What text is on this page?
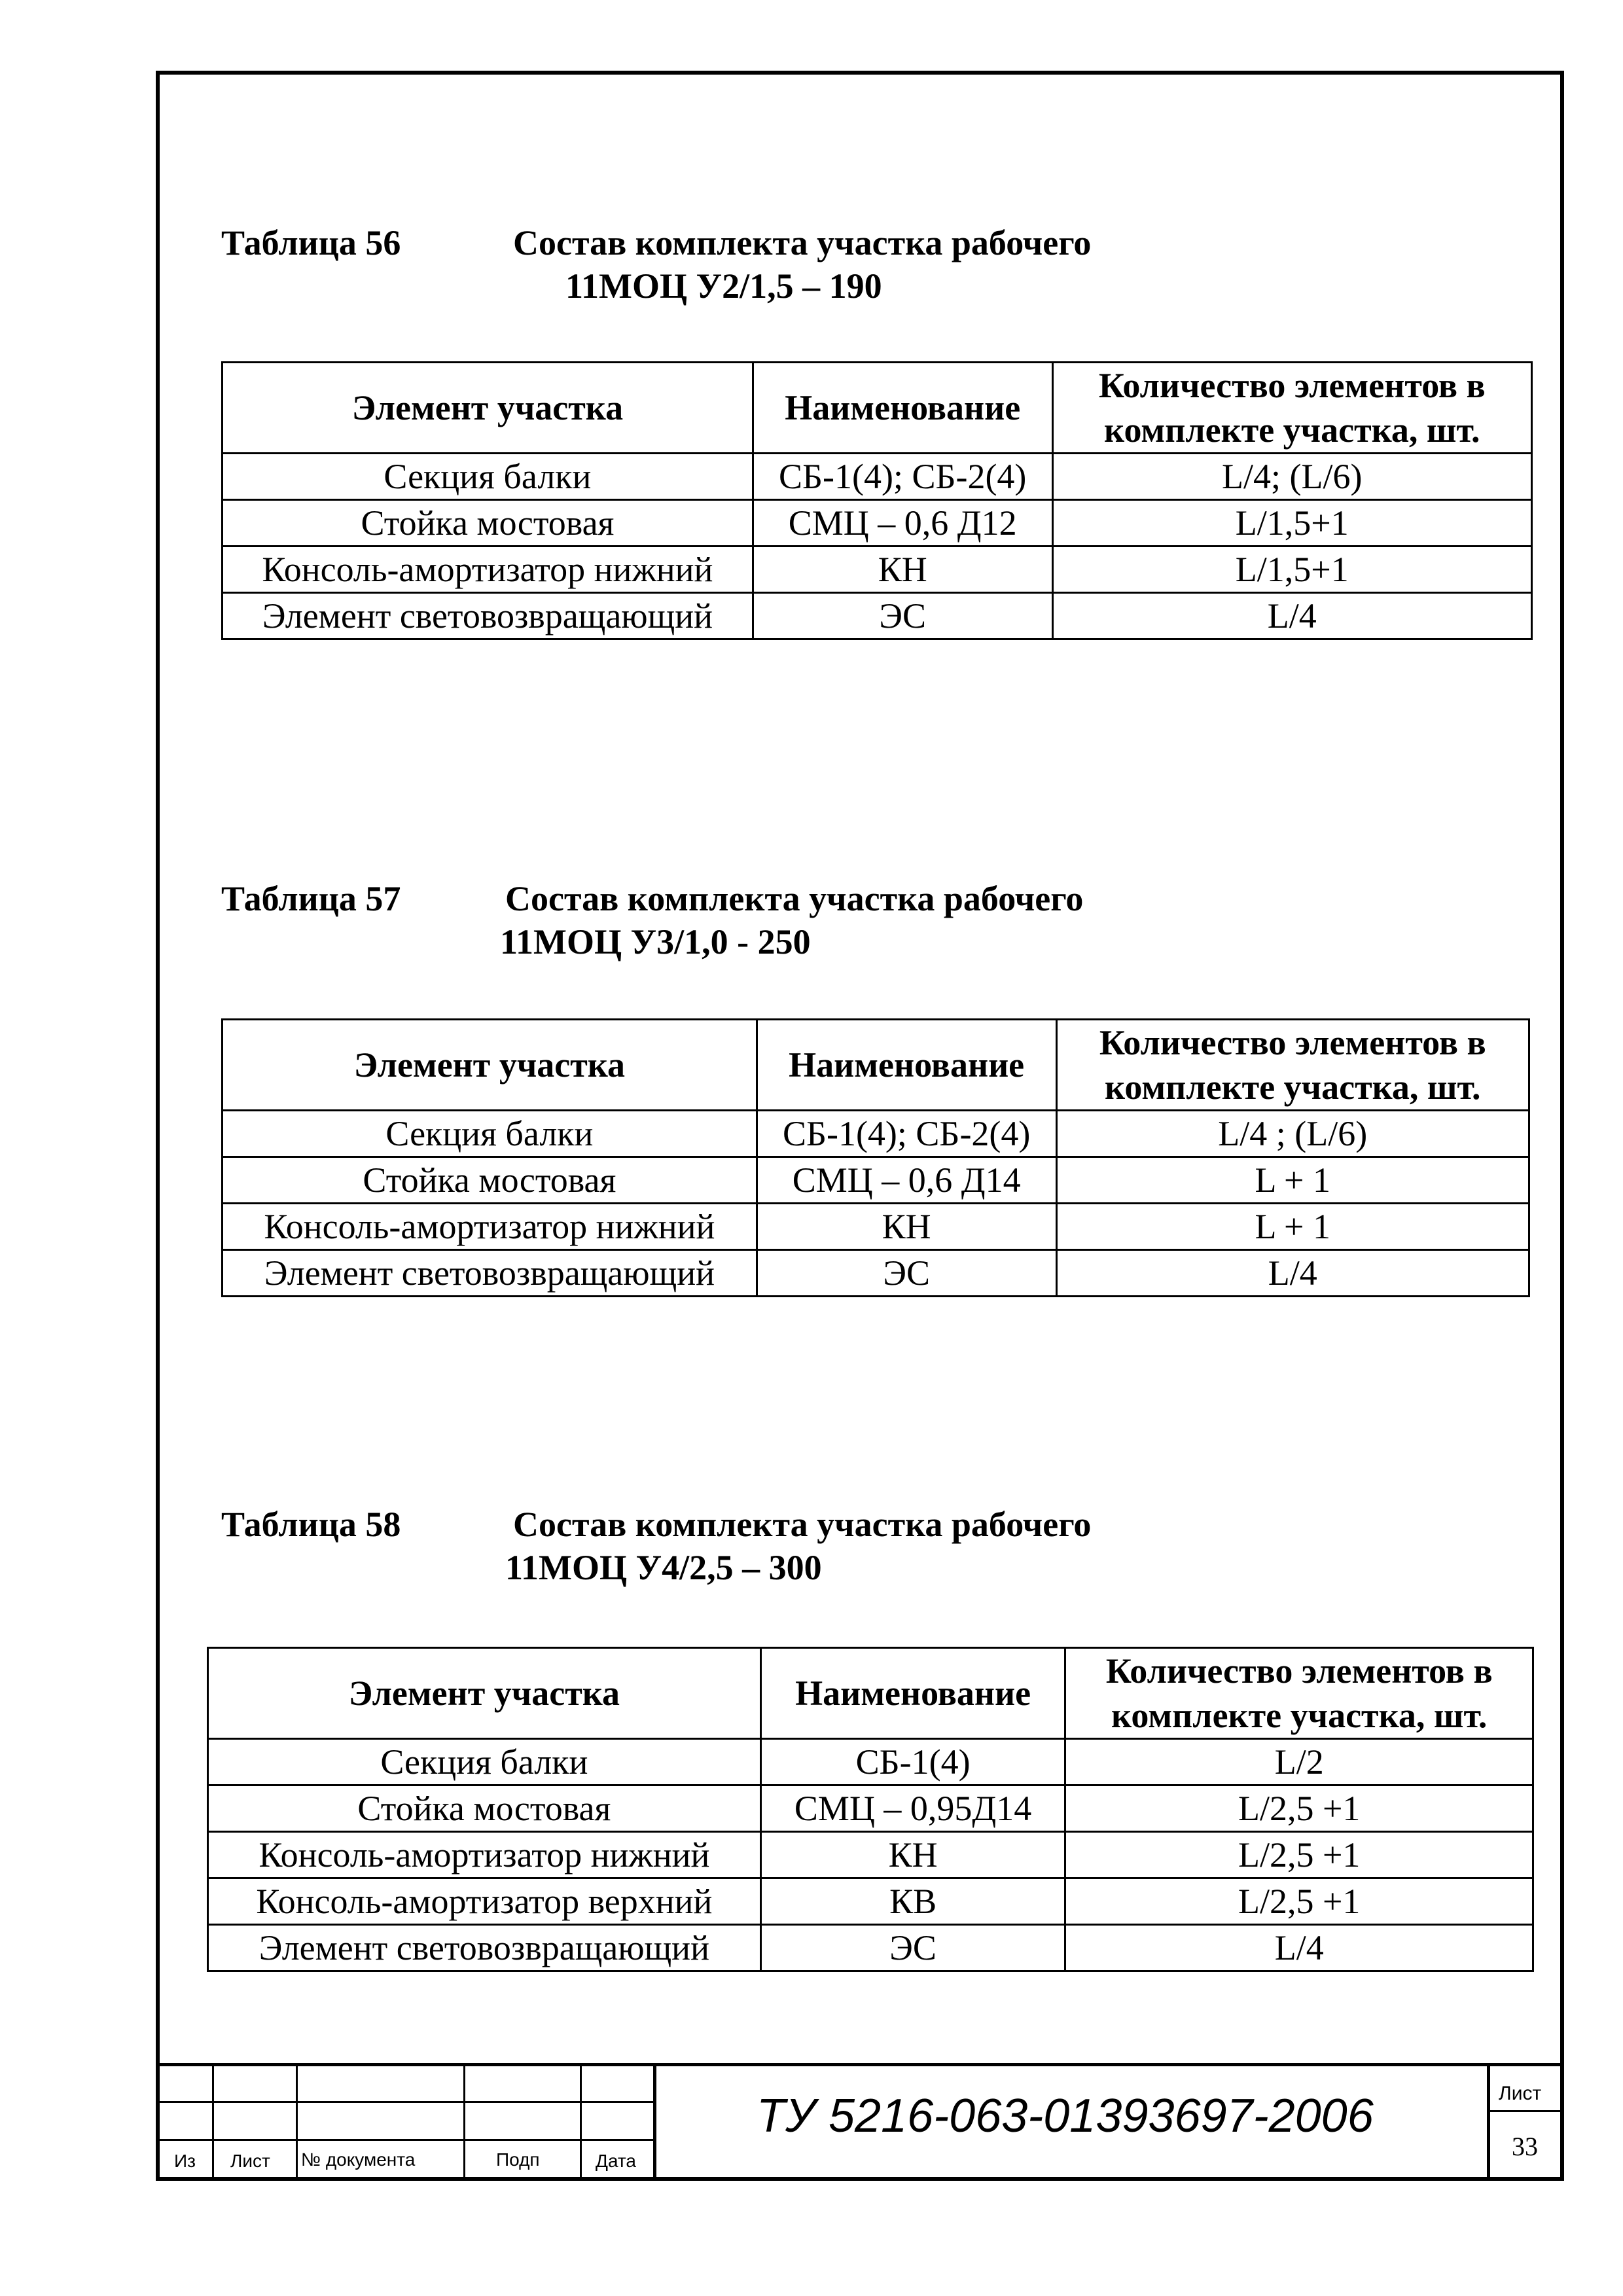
Таблица 56	Состав комплекта участка рабочего
11МОЦ У2/1,5 – 190
Элемент участка	Наименование	Количество элементов в комплекте участка, шт.
Секция балки	СБ-1(4); СБ-2(4)	L/4; (L/6)
Стойка мостовая	СМЦ – 0,6 Д12	L/1,5+1
Консоль-амортизатор нижний	КН	L/1,5+1
Элемент световозвращающий	ЭС	L/4
Таблица 57	Состав комплекта участка рабочего
11МОЦ У3/1,0 - 250
Элемент участка	Наименование	Количество элементов в комплекте участка, шт.
Секция балки	СБ-1(4); СБ-2(4)	L/4 ; (L/6)
Стойка мостовая	СМЦ – 0,6 Д14	L + 1
Консоль-амортизатор нижний	КН	L + 1
Элемент световозвращающий	ЭС	L/4
Таблица 58	Состав комплекта участка рабочего
11МОЦ У4/2,5 – 300
Элемент участка	Наименование	Количество элементов в комплекте участка, шт.
Секция балки	СБ-1(4)	L/2
Стойка мостовая	СМЦ – 0,95Д14	L/2,5 +1
Консоль-амортизатор нижний	КН	L/2,5 +1
Консоль-амортизатор верхний	КВ	L/2,5 +1
Элемент световозвращающий	ЭС	L/4
Из Лист № документа	Подп	Дата
ТУ 5216-063-01393697-2006	Лист
33
